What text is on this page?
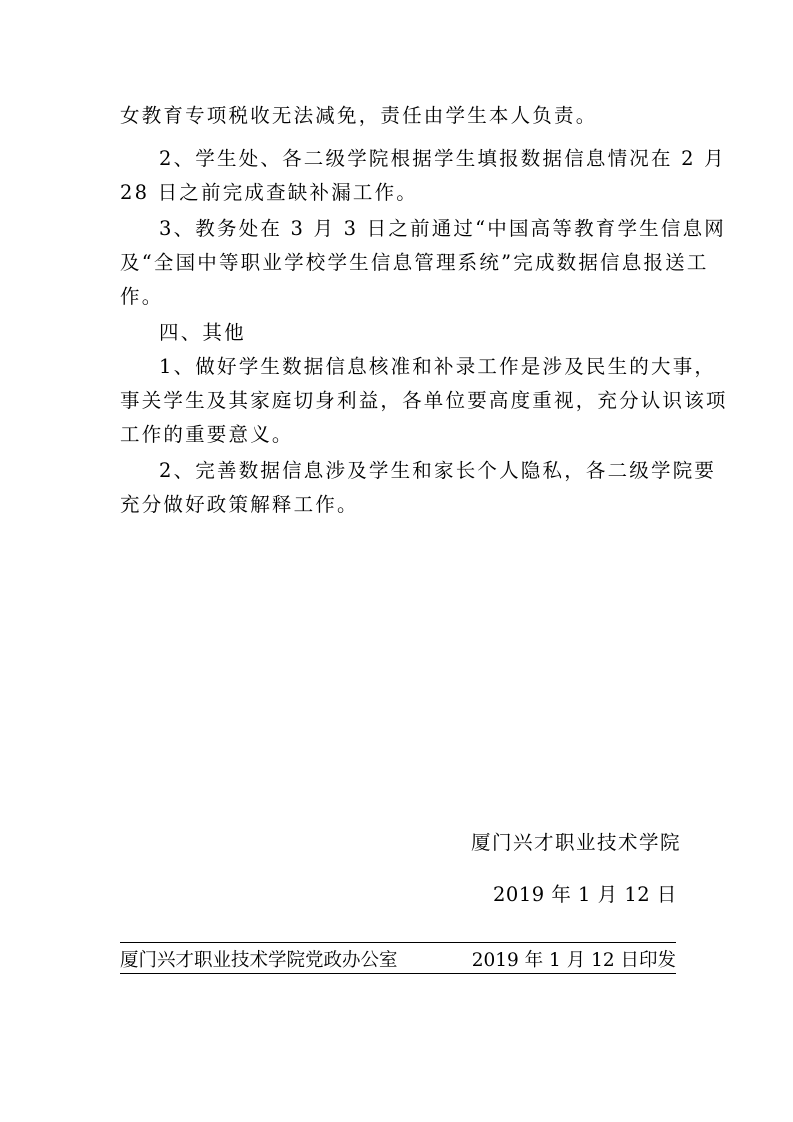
女教育专项税收无法减免，责任由学生本人负责。
2、学生处、各二级学院根据学生填报数据信息情况在 2 月
28 日之前完成查缺补漏工作。
3、教务处在 3 月 3 日之前通过“中国高等教育学生信息网
及“全国中等职业学校学生信息管理系统”完成数据信息报送工
作。
四、其他
1、做好学生数据信息核准和补录工作是涉及民生的大事，
事关学生及其家庭切身利益，各单位要高度重视，充分认识该项
工作的重要意义。
2、完善数据信息涉及学生和家长个人隐私，各二级学院要
充分做好政策解释工作。
厦门兴才职业技术学院
2019 年 1 月 12 日
厦门兴才职业技术学院党政办公室	2019 年 1 月 12 日印发
